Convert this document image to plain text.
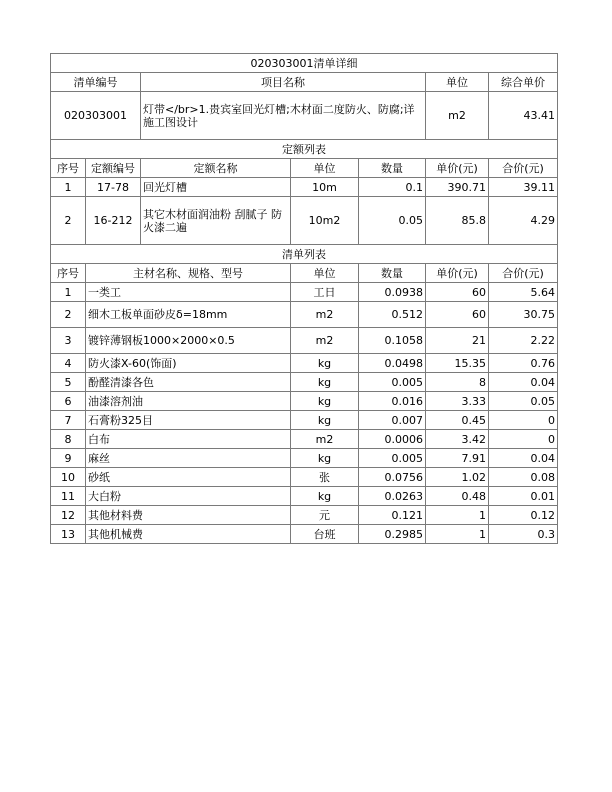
020303001清单详细						
清单编号		项目名称			单位	综合单价
020303001		灯带</br>1.贵宾室回光灯槽;木材面二度防火、防腐;详施工图设计			m2	43.41
定额列表						
序号	定额编号	定额名称	单位	数量	单价(元)	合价(元)
1	17-78	回光灯槽	10m	0.1	390.71	39.11
2	16-212	其它木材面润油粉 刮腻子 防火漆二遍	10m2	0.05	85.8	4.29
清单列表						
序号	主材名称、规格、型号		单位	数量	单价(元)	合价(元)
1	一类工		工日	0.0938	60	5.64
2	细木工板单面砂皮δ=18mm		m2	0.512	60	30.75
3	镀锌薄钢板1000×2000×0.5		m2	0.1058	21	2.22
4	防火漆X-60(饰面)		kg	0.0498	15.35	0.76
5	酚醛清漆各色		kg	0.005	8	0.04
6	油漆溶剂油		kg	0.016	3.33	0.05
7	石膏粉325目		kg	0.007	0.45	0
8	白布		m2	0.0006	3.42	0
9	麻丝		kg	0.005	7.91	0.04
10	砂纸		张	0.0756	1.02	0.08
11	大白粉		kg	0.0263	0.48	0.01
12	其他材料费		元	0.121	1	0.12
13	其他机械费		台班	0.2985	1	0.3
